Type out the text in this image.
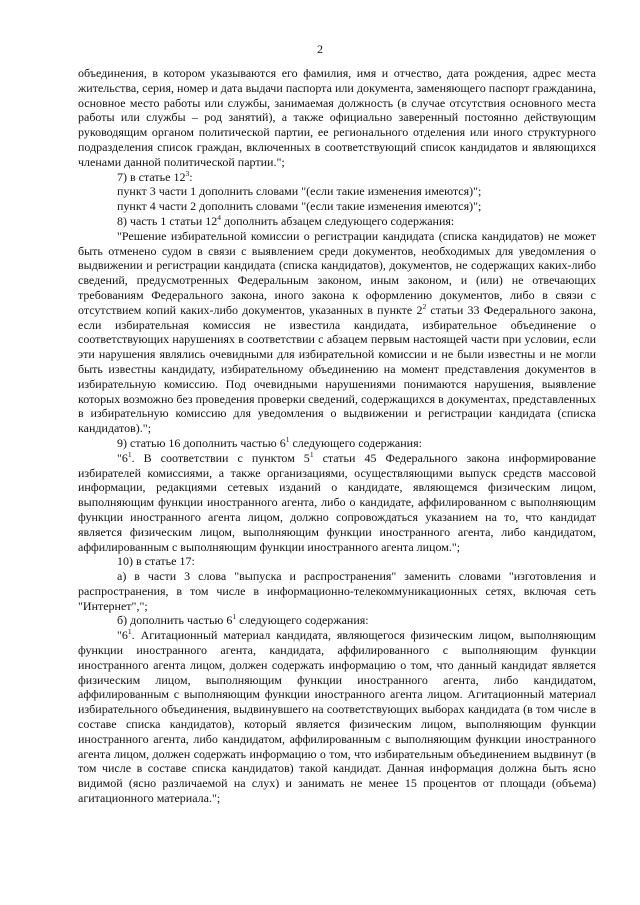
2

объединения, в котором указываются его фамилия, имя и отчество, дата рождения, адрес места жительства, серия, номер и дата выдачи паспорта или документа, заменяющего паспорт гражданина, основное место работы или службы, занимаемая должность (в случае отсутствия основного места работы или службы – род занятий), а также официально заверенный постоянно действующим руководящим органом политической партии, ее регионального отделения или иного структурного подразделения список граждан, включенных в соответствующий список кандидатов и являющихся членами данной политической партии.";

7) в статье $12^3$:

пункт 3 части 1 дополнить словами "(если такие изменения имеются)";

пункт 4 части 2 дополнить словами "(если такие изменения имеются)";

8) часть 1 статьи $12^4$ дополнить абзацем следующего содержания:

"Решение избирательной комиссии о регистрации кандидата (списка кандидатов) не может быть отменено судом в связи с выявлением среди документов, необходимых для уведомления о выдвижении и регистрации кандидата (списка кандидатов), документов, не содержащих каких-либо сведений, предусмотренных Федеральным законом, иным законом, и (или) не отвечающих требованиям Федерального закона, иного закона к оформлению документов, либо в связи с отсутствием копий каких-либо документов, указанных в пункте $2^2$ статьи 33 Федерального закона, если избирательная комиссия не известила кандидата, избирательное объединение о соответствующих нарушениях в соответствии с абзацем первым настоящей части при условии, если эти нарушения являлись очевидными для избирательной комиссии и не были известны и не могли быть известны кандидату, избирательному объединению на момент представления документов в избирательную комиссию. Под очевидными нарушениями понимаются нарушения, выявление которых возможно без проведения проверки сведений, содержащихся в документах, представленных в избирательную комиссию для уведомления о выдвижении и регистрации кандидата (списка кандидатов).";

9) статью 16 дополнить частью $6^1$ следующего содержания:

"$6^1$. В соответствии с пунктом $5^1$ статьи 45 Федерального закона информирование избирателей комиссиями, а также организациями, осуществляющими выпуск средств массовой информации, редакциями сетевых изданий о кандидате, являющемся физическим лицом, выполняющим функции иностранного агента, либо о кандидате, аффилированном с выполняющим функции иностранного агента лицом, должно сопровождаться указанием на то, что кандидат является физическим лицом, выполняющим функции иностранного агента, либо кандидатом, аффилированным с выполняющим функции иностранного агента лицом.";

10) в статье 17:

а) в части 3 слова "выпуска и распространения" заменить словами "изготовления и распространения, в том числе в информационно-телекоммуникационных сетях, включая сеть "Интернет",";

б) дополнить частью $6^1$ следующего содержания:

"$6^1$. Агитационный материал кандидата, являющегося физическим лицом, выполняющим функции иностранного агента, кандидата, аффилированного с выполняющим функции иностранного агента лицом, должен содержать информацию о том, что данный кандидат является физическим лицом, выполняющим функции иностранного агента, либо кандидатом, аффилированным с выполняющим функции иностранного агента лицом. Агитационный материал избирательного объединения, выдвинувшего на соответствующих выборах кандидата (в том числе в составе списка кандидатов), который является физическим лицом, выполняющим функции иностранного агента, либо кандидатом, аффилированным с выполняющим функции иностранного агента лицом, должен содержать информацию о том, что избирательным объединением выдвинут (в том числе в составе списка кандидатов) такой кандидат. Данная информация должна быть ясно видимой (ясно различаемой на слух) и занимать не менее 15 процентов от площади (объема) агитационного материала.";
